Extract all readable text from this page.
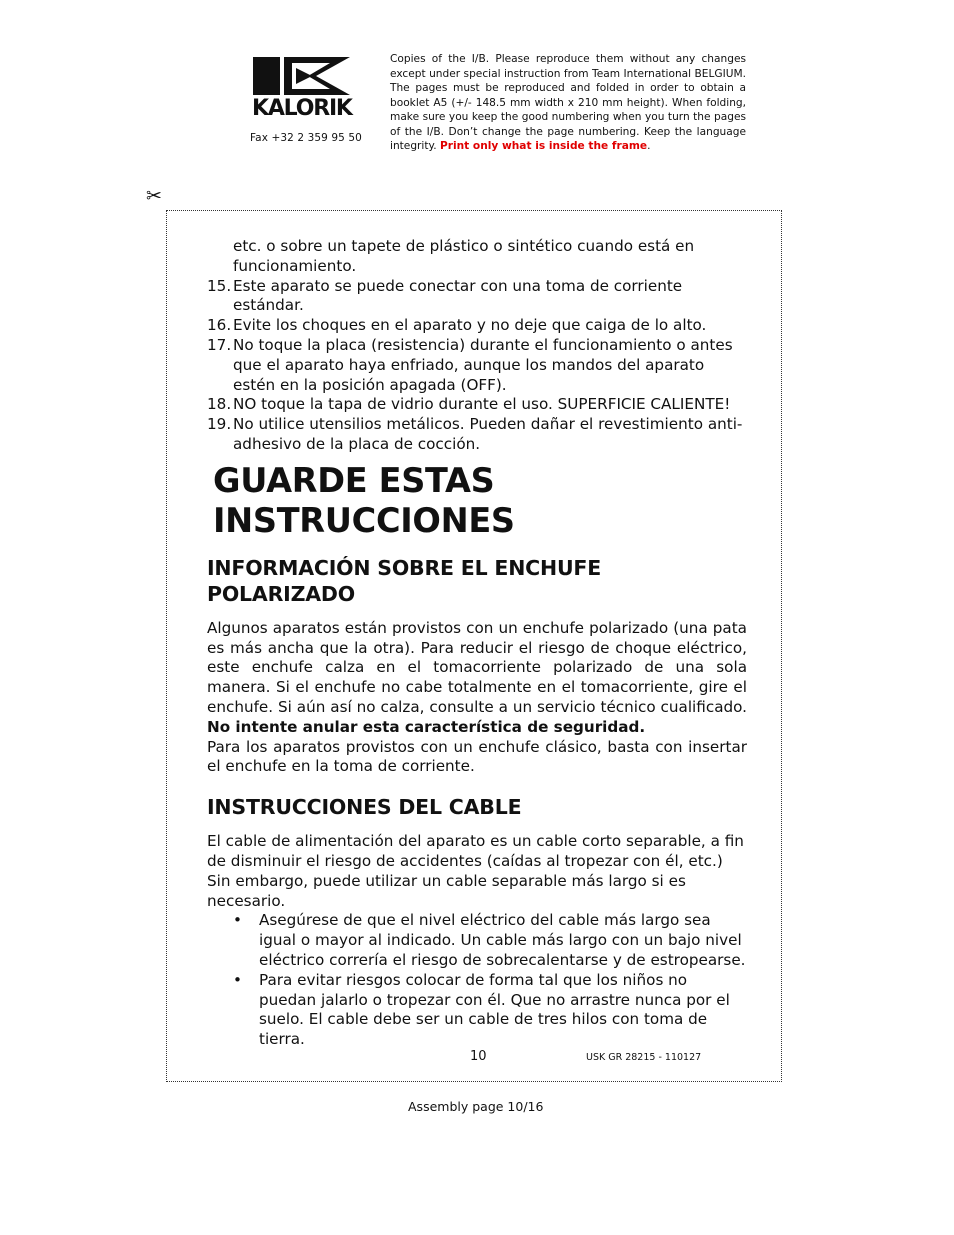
KALORIK
Fax +32 2 359 95 50
Copies of the I/B. Please reproduce them without any changes except under special instruction from Team International BELGIUM. The pages must be reproduced and folded in order to obtain a booklet A5 (+/- 148.5 mm width x 210 mm height). When folding, make sure you keep the good numbering when you turn the pages of the I/B. Don’t change the page numbering. Keep the language integrity. Print only what is inside the frame.
✂
etc. o sobre un tapete de plástico o sintético cuando está en funcionamiento.
15. Este aparato se puede conectar con una toma de corriente estándar.
16. Evite los choques en el aparato y no deje que caiga de lo alto.
17. No toque la placa (resistencia) durante el funcionamiento o antes que el aparato haya enfriado, aunque los mandos del aparato estén en la posición apagada (OFF).
18. NO toque la tapa de vidrio durante el uso. SUPERFICIE CALIENTE!
19. No utilice utensilios metálicos. Pueden dañar el revestimiento anti-adhesivo de la placa de cocción.
GUARDE ESTAS INSTRUCCIONES
INFORMACIÓN SOBRE EL ENCHUFE POLARIZADO

Algunos aparatos están provistos con un enchufe polarizado (una pata es más ancha que la otra). Para reducir el riesgo de choque eléctrico, este enchufe calza en el tomacorriente polarizado de una sola manera. Si el enchufe no cabe totalmente en el tomacorriente, gire el enchufe. Si aún así no calza, consulte a un servicio técnico cualificado. No intente anular esta característica de seguridad.

Para los aparatos provistos con un enchufe clásico, basta con insertar el enchufe en la toma de corriente.

INSTRUCCIONES DEL CABLE

El cable de alimentación del aparato es un cable corto separable, a fin de disminuir el riesgo de accidentes (caídas al tropezar con él, etc.) Sin embargo, puede utilizar un cable separable más largo si es necesario.

•	Asegúrese de que el nivel eléctrico del cable más largo sea igual o mayor al indicado. Un cable más largo con un bajo nivel eléctrico correría el riesgo de sobrecalentarse y de estropearse.
•	Para evitar riesgos colocar de forma tal que los niños no puedan jalarlo o tropezar con él. Que no arrastre nunca por el suelo. El cable debe ser un cable de tres hilos con toma de tierra.
10	USK GR 28215 - 110127
Assembly page 10/16
